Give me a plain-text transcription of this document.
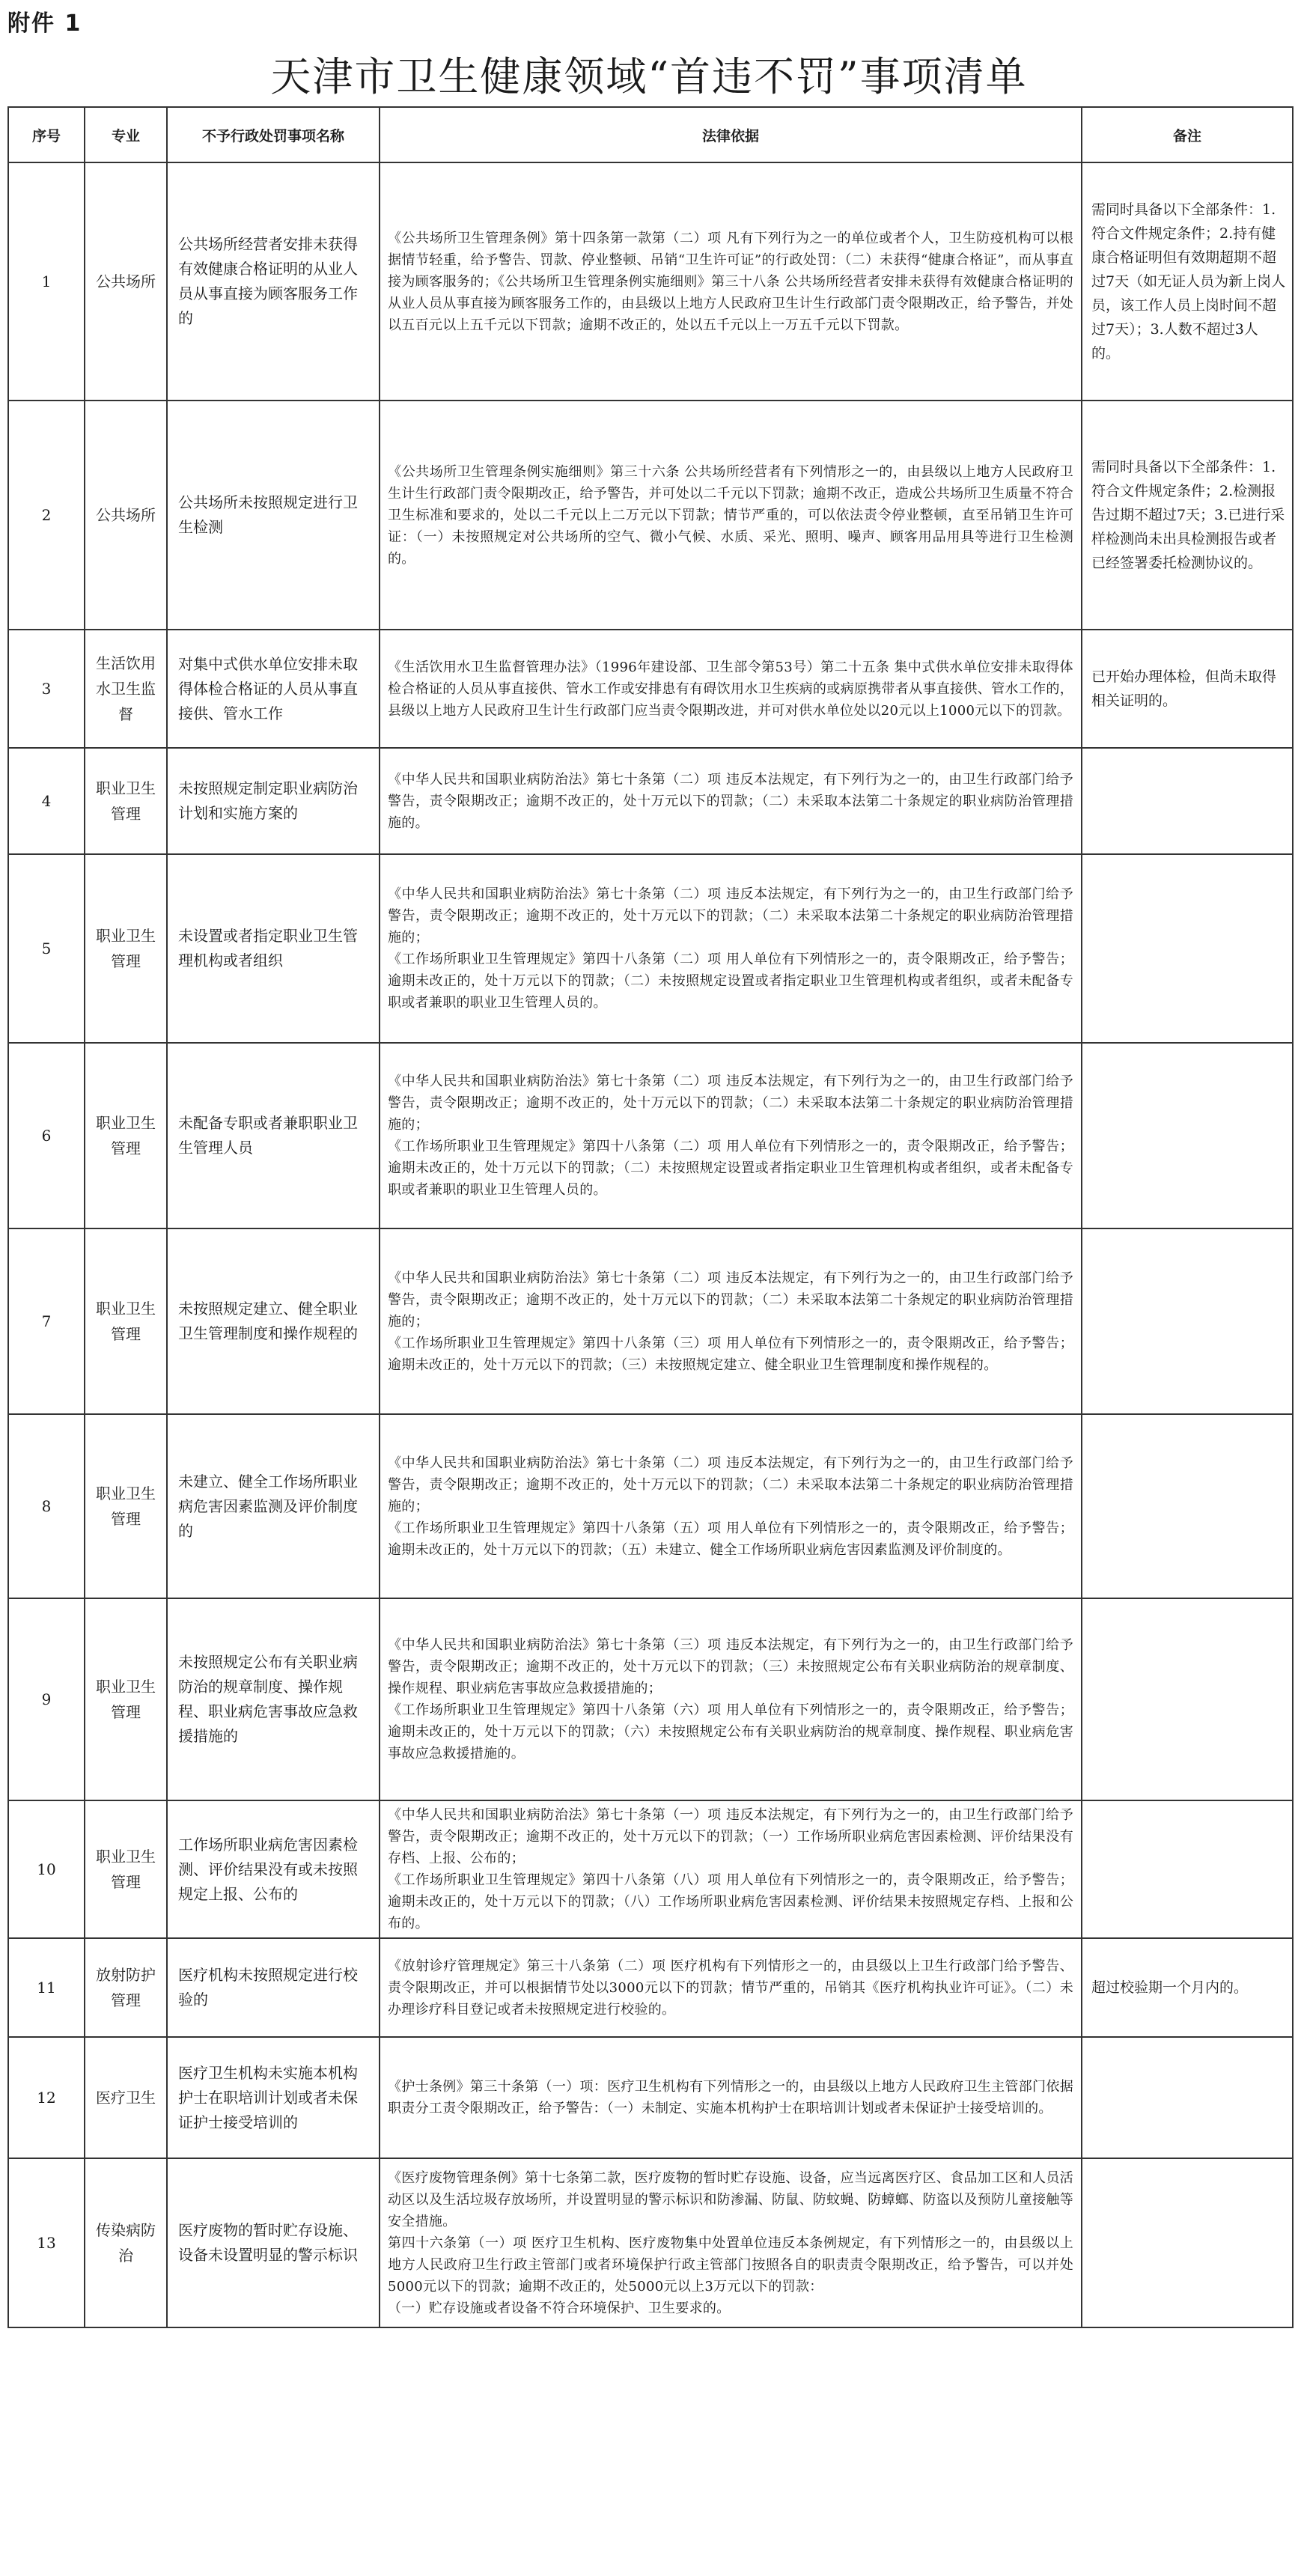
附件 1
天津市卫生健康领域“首违不罚”事项清单
序号	专业	不予行政处罚事项名称	法律依据	备注
1	公共场所	公共场所经营者安排未获得有效健康合格证明的从业人员从事直接为顾客服务工作的	《公共场所卫生管理条例》第十四条第一款第（二）项 凡有下列行为之一的单位或者个人，卫生防疫机构可以根据情节轻重，给予警告、罚款、停业整顿、吊销“卫生许可证”的行政处罚：（二）未获得“健康合格证”，而从事直接为顾客服务的；《公共场所卫生管理条例实施细则》第三十八条 公共场所经营者安排未获得有效健康合格证明的从业人员从事直接为顾客服务工作的，由县级以上地方人民政府卫生计生行政部门责令限期改正，给予警告，并处以五百元以上五千元以下罚款；逾期不改正的，处以五千元以上一万五千元以下罚款。	需同时具备以下全部条件：1.符合文件规定条件；2.持有健康合格证明但有效期超期不超过7天（如无证人员为新上岗人员，该工作人员上岗时间不超过7天）；3.人数不超过3人的。

2	公共场所	公共场所未按照规定进行卫生检测	《公共场所卫生管理条例实施细则》第三十六条 公共场所经营者有下列情形之一的，由县级以上地方人民政府卫生计生行政部门责令限期改正，给予警告，并可处以二千元以下罚款；逾期不改正，造成公共场所卫生质量不符合卫生标准和要求的，处以二千元以上二万元以下罚款；情节严重的，可以依法责令停业整顿，直至吊销卫生许可证：（一）未按照规定对公共场所的空气、微小气候、水质、采光、照明、噪声、顾客用品用具等进行卫生检测的。	需同时具备以下全部条件：1.符合文件规定条件；2.检测报告过期不超过7天；3.已进行采样检测尚未出具检测报告或者已经签署委托检测协议的。

3	生活饮用水卫生监督	对集中式供水单位安排未取得体检合格证的人员从事直接供、管水工作	《生活饮用水卫生监督管理办法》（1996年建设部、卫生部令第53号）第二十五条 集中式供水单位安排未取得体检合格证的人员从事直接供、管水工作或安排患有有碍饮用水卫生疾病的或病原携带者从事直接供、管水工作的，县级以上地方人民政府卫生计生行政部门应当责令限期改进，并可对供水单位处以20元以上1000元以下的罚款。	已开始办理体检，但尚未取得相关证明的。

4	职业卫生管理	未按照规定制定职业病防治计划和实施方案的	《中华人民共和国职业病防治法》第七十条第（二）项 违反本法规定，有下列行为之一的，由卫生行政部门给予警告，责令限期改正；逾期不改正的，处十万元以下的罚款；（二）未采取本法第二十条规定的职业病防治管理措施的。	

5	职业卫生管理	未设置或者指定职业卫生管理机构或者组织	《中华人民共和国职业病防治法》第七十条第（二）项 违反本法规定，有下列行为之一的，由卫生行政部门给予警告，责令限期改正；逾期不改正的，处十万元以下的罚款；（二）未采取本法第二十条规定的职业病防治管理措施的；
《工作场所职业卫生管理规定》第四十八条第（二）项 用人单位有下列情形之一的，责令限期改正，给予警告；逾期未改正的，处十万元以下的罚款；（二）未按照规定设置或者指定职业卫生管理机构或者组织，或者未配备专职或者兼职的职业卫生管理人员的。	

6	职业卫生管理	未配备专职或者兼职职业卫生管理人员	《中华人民共和国职业病防治法》第七十条第（二）项 违反本法规定，有下列行为之一的，由卫生行政部门给予警告，责令限期改正；逾期不改正的，处十万元以下的罚款；（二）未采取本法第二十条规定的职业病防治管理措施的；
《工作场所职业卫生管理规定》第四十八条第（二）项 用人单位有下列情形之一的，责令限期改正，给予警告；逾期未改正的，处十万元以下的罚款；（二）未按照规定设置或者指定职业卫生管理机构或者组织，或者未配备专职或者兼职的职业卫生管理人员的。	

7	职业卫生管理	未按照规定建立、健全职业卫生管理制度和操作规程的	《中华人民共和国职业病防治法》第七十条第（二）项 违反本法规定，有下列行为之一的，由卫生行政部门给予警告，责令限期改正；逾期不改正的，处十万元以下的罚款；（二）未采取本法第二十条规定的职业病防治管理措施的；
《工作场所职业卫生管理规定》第四十八条第（三）项 用人单位有下列情形之一的，责令限期改正，给予警告；逾期未改正的，处十万元以下的罚款；（三）未按照规定建立、健全职业卫生管理制度和操作规程的。	

8	职业卫生管理	未建立、健全工作场所职业病危害因素监测及评价制度的	《中华人民共和国职业病防治法》第七十条第（二）项 违反本法规定，有下列行为之一的，由卫生行政部门给予警告，责令限期改正；逾期不改正的，处十万元以下的罚款；（二）未采取本法第二十条规定的职业病防治管理措施的；
《工作场所职业卫生管理规定》第四十八条第（五）项 用人单位有下列情形之一的，责令限期改正，给予警告；逾期未改正的，处十万元以下的罚款；（五）未建立、健全工作场所职业病危害因素监测及评价制度的。	

9	职业卫生管理	未按照规定公布有关职业病防治的规章制度、操作规程、职业病危害事故应急救援措施的	《中华人民共和国职业病防治法》第七十条第（三）项 违反本法规定，有下列行为之一的，由卫生行政部门给予警告，责令限期改正；逾期不改正的，处十万元以下的罚款；（三）未按照规定公布有关职业病防治的规章制度、操作规程、职业病危害事故应急救援措施的；
《工作场所职业卫生管理规定》第四十八条第（六）项 用人单位有下列情形之一的，责令限期改正，给予警告；逾期未改正的，处十万元以下的罚款；（六）未按照规定公布有关职业病防治的规章制度、操作规程、职业病危害事故应急救援措施的。	

10	职业卫生管理	工作场所职业病危害因素检测、评价结果没有或未按照规定上报、公布的	《中华人民共和国职业病防治法》第七十条第（一）项 违反本法规定，有下列行为之一的，由卫生行政部门给予警告，责令限期改正；逾期不改正的，处十万元以下的罚款；（一）工作场所职业病危害因素检测、评价结果没有存档、上报、公布的；
《工作场所职业卫生管理规定》第四十八条第（八）项 用人单位有下列情形之一的，责令限期改正，给予警告；逾期未改正的，处十万元以下的罚款；（八）工作场所职业病危害因素检测、评价结果未按照规定存档、上报和公布的。	

11	放射防护管理	医疗机构未按照规定进行校验的	《放射诊疗管理规定》第三十八条第（二）项 医疗机构有下列情形之一的，由县级以上卫生行政部门给予警告、责令限期改正，并可以根据情节处以3000元以下的罚款；情节严重的，吊销其《医疗机构执业许可证》。（二）未办理诊疗科目登记或者未按照规定进行校验的。	超过校验期一个月内的。

12	医疗卫生	医疗卫生机构未实施本机构护士在职培训计划或者未保证护士接受培训的	《护士条例》第三十条第（一）项：医疗卫生机构有下列情形之一的，由县级以上地方人民政府卫生主管部门依据职责分工责令限期改正，给予警告：（一）未制定、实施本机构护士在职培训计划或者未保证护士接受培训的。	

13	传染病防治	医疗废物的暂时贮存设施、设备未设置明显的警示标识	《医疗废物管理条例》第十七条第二款，医疗废物的暂时贮存设施、设备，应当远离医疗区、食品加工区和人员活动区以及生活垃圾存放场所，并设置明显的警示标识和防渗漏、防鼠、防蚊蝇、防蟑螂、防盗以及预防儿童接触等安全措施。
第四十六条第（一）项 医疗卫生机构、医疗废物集中处置单位违反本条例规定，有下列情形之一的，由县级以上地方人民政府卫生行政主管部门或者环境保护行政主管部门按照各自的职责责令限期改正，给予警告，可以并处5000元以下的罚款；逾期不改正的，处5000元以上3万元以下的罚款：
（一）贮存设施或者设备不符合环境保护、卫生要求的。	
